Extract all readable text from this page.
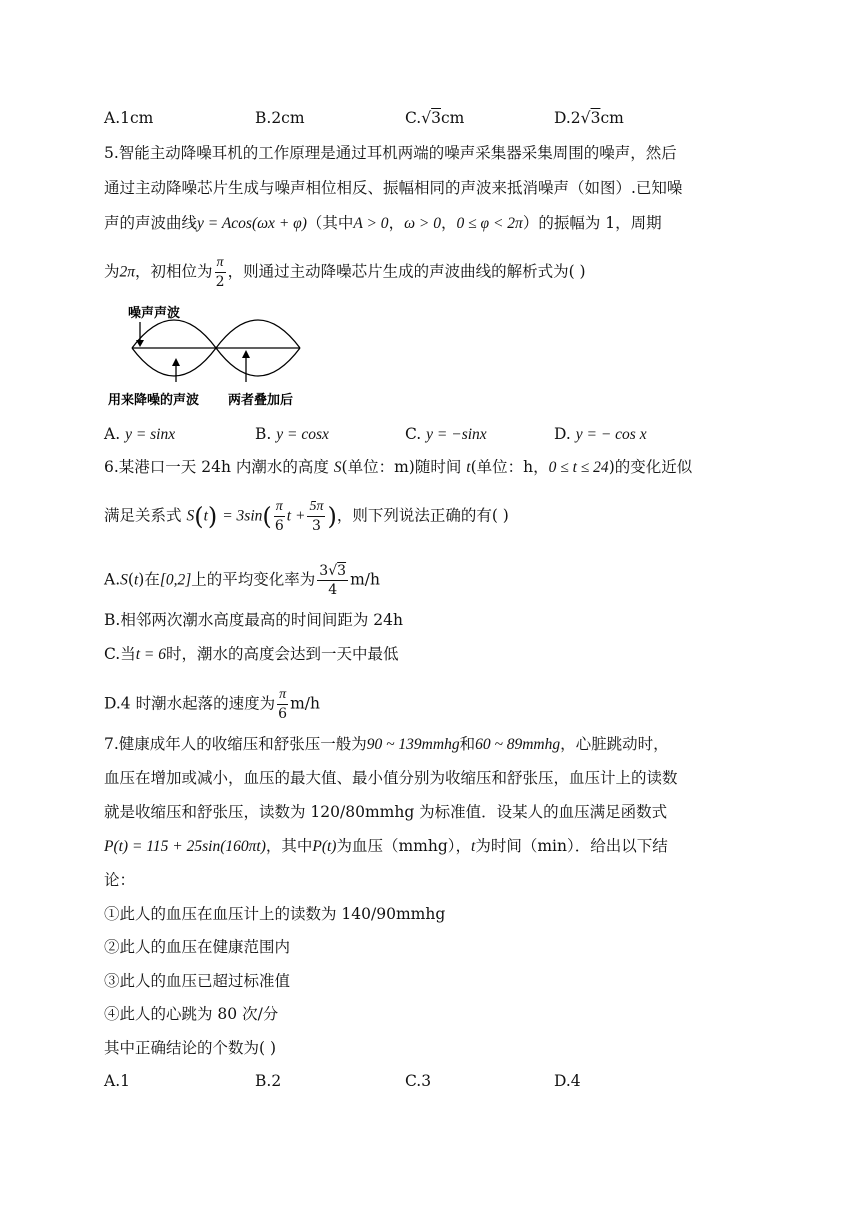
A.1cm	B.2cm	C.√3cm	D.2√3cm
5.智能主动降噪耳机的工作原理是通过耳机两端的噪声采集器采集周围的噪声，然后
通过主动降噪芯片生成与噪声相位相反、振幅相同的声波来抵消噪声（如图）.已知噪
声的声波曲线y = Acos(ωx + φ)（其中A > 0，ω > 0，0 ≤ φ < 2π）的振幅为 1，周期
为2π，初相位为 $\frac{\pi}{2}$ ，则通过主动降噪芯片生成的声波曲线的解析式为( )
噪声声波
用来降噪的声波 两者叠加后
A. y = sinx	B. y = cosx	C. y = −sinx	D. y = − cos x
6.某港口一天 24h 内潮水的高度 S(单位：m)随时间 t(单位：h，0 ≤ t ≤ 24)的变化近似
满足关系式 $S(t) = 3\sin( \frac{\pi}{6}$ $t + \frac{5\pi}{3}$ )，则下列说法正确的有( )
A.S(t)在[0,2]上的平均变化率为 $\frac{3√3}{4} m/h$
B.相邻两次潮水高度最高的时间间距为 24h
C.当t = 6时，潮水的高度会达到一天中最低
D.4 时潮水起落的速度为 $\frac{\pi}{6} m/h$
7.健康成年人的收缩压和舒张压一般为90 ~ 139mmhg和60 ~ 89mmhg，心脏跳动时，
血压在增加或减小，血压的最大值、最小值分别为收缩压和舒张压，血压计上的读数
就是收缩压和舒张压，读数为 120/80mmhg 为标准值．设某人的血压满足函数式
P(t) = 115 + 25sin(160πt)，其中P(t)为血压（mmhg），t为时间（min）．给出以下结
论：
①此人的血压在血压计上的读数为 140/90mmhg
②此人的血压在健康范围内
③此人的血压已超过标准值
④此人的心跳为 80 次/分
其中正确结论的个数为( )
A.1	B.2	C.3	D.4
